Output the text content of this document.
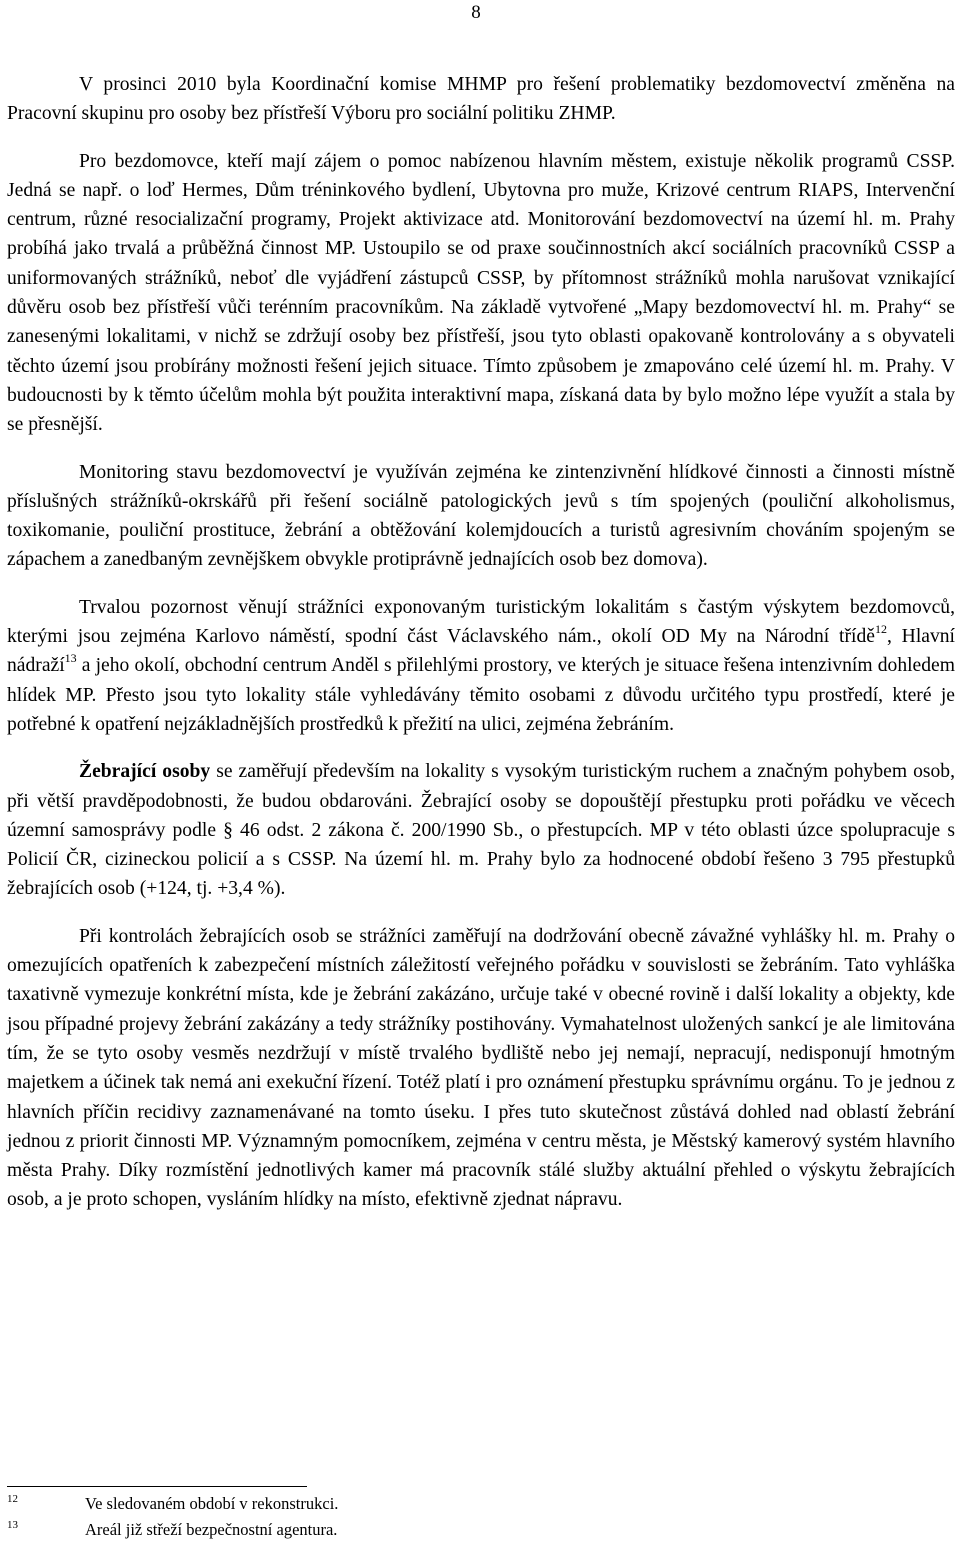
8

V prosinci 2010 byla Koordinační komise MHMP pro řešení problematiky bezdomovectví změněna na Pracovní skupinu pro osoby bez přístřeší Výboru pro sociální politiku ZHMP.

Pro bezdomovce, kteří mají zájem o pomoc nabízenou hlavním městem, existuje několik programů CSSP. Jedná se např. o loď Hermes, Dům tréninkového bydlení, Ubytovna pro muže, Krizové centrum RIAPS, Intervenční centrum, různé resocializační programy, Projekt aktivizace atd. Monitorování bezdomovectví na území hl. m. Prahy probíhá jako trvalá a průběžná činnost MP. Ustoupilo se od praxe součinnostních akcí sociálních pracovníků CSSP a uniformovaných strážníků, neboť dle vyjádření zástupců CSSP, by přítomnost strážníků mohla narušovat vznikající důvěru osob bez přístřeší vůči terénním pracovníkům. Na základě vytvořené „Mapy bezdomovectví hl. m. Prahy“ se zanesenými lokalitami, v nichž se zdržují osoby bez přístřeší, jsou tyto oblasti opakovaně kontrolovány a s obyvateli těchto území jsou probírány možnosti řešení jejich situace. Tímto způsobem je zmapováno celé území hl. m. Prahy. V budoucnosti by k těmto účelům mohla být použita interaktivní mapa, získaná data by bylo možno lépe využít a stala by se přesnější.

Monitoring stavu bezdomovectví je využíván zejména ke zintenzivnění hlídkové činnosti a činnosti místně příslušných strážníků-okrskářů při řešení sociálně patologických jevů s tím spojených (pouliční alkoholismus, toxikomanie, pouliční prostituce, žebrání a obtěžování kolemjdoucích a turistů agresivním chováním spojeným se zápachem a zanedbaným zevnějškem obvykle protiprávně jednajících osob bez domova).

Trvalou pozornost věnují strážníci exponovaným turistickým lokalitám s častým výskytem bezdomovců, kterými jsou zejména Karlovo náměstí, spodní část Václavského nám., okolí OD My na Národní třídě$^{12}$, Hlavní nádraží$^{13}$ a jeho okolí, obchodní centrum Anděl s přilehlými prostory, ve kterých je situace řešena intenzivním dohledem hlídek MP. Přesto jsou tyto lokality stále vyhledávány těmito osobami z důvodu určitého typu prostředí, které je potřebné k opatření nejzákladnějších prostředků k přežití na ulici, zejména žebráním.

Žebrající osoby se zaměřují především na lokality s vysokým turistickým ruchem a značným pohybem osob, při větší pravděpodobnosti, že budou obdarováni. Žebrající osoby se dopouštějí přestupku proti pořádku ve věcech územní samosprávy podle § 46 odst. 2 zákona č. 200/1990 Sb., o přestupcích. MP v této oblasti úzce spolupracuje s Policií ČR, cizineckou policií a s CSSP. Na území hl. m. Prahy bylo za hodnocené období řešeno 3 795 přestupků žebrajících osob (+124, tj. +3,4 %).

Při kontrolách žebrajících osob se strážníci zaměřují na dodržování obecně závažné vyhlášky hl. m. Prahy o omezujících opatřeních k zabezpečení místních záležitostí veřejného pořádku v souvislosti se žebráním. Tato vyhláška taxativně vymezuje konkrétní místa, kde je žebrání zakázáno, určuje také v obecné rovině i další lokality a objekty, kde jsou případné projevy žebrání zakázány a tedy strážníky postihovány. Vymahatelnost uložených sankcí je ale limitována tím, že se tyto osoby vesměs nezdržují v místě trvalého bydliště nebo jej nemají, nepracují, nedisponují hmotným majetkem a účinek tak nemá ani exekuční řízení. Totéž platí i pro oznámení přestupku správnímu orgánu. To je jednou z hlavních příčin recidivy zaznamenávané na tomto úseku. I přes tuto skutečnost zůstává dohled nad oblastí žebrání jednou z priorit činnosti MP. Významným pomocníkem, zejména v centru města, je Městský kamerový systém hlavního města Prahy. Díky rozmístění jednotlivých kamer má pracovník stálé služby aktuální přehled o výskytu žebrajících osob, a je proto schopen, vysláním hlídky na místo, efektivně zjednat nápravu.

12	Ve sledovaném období v rekonstrukci.
13	Areál již střeží bezpečnostní agentura.
